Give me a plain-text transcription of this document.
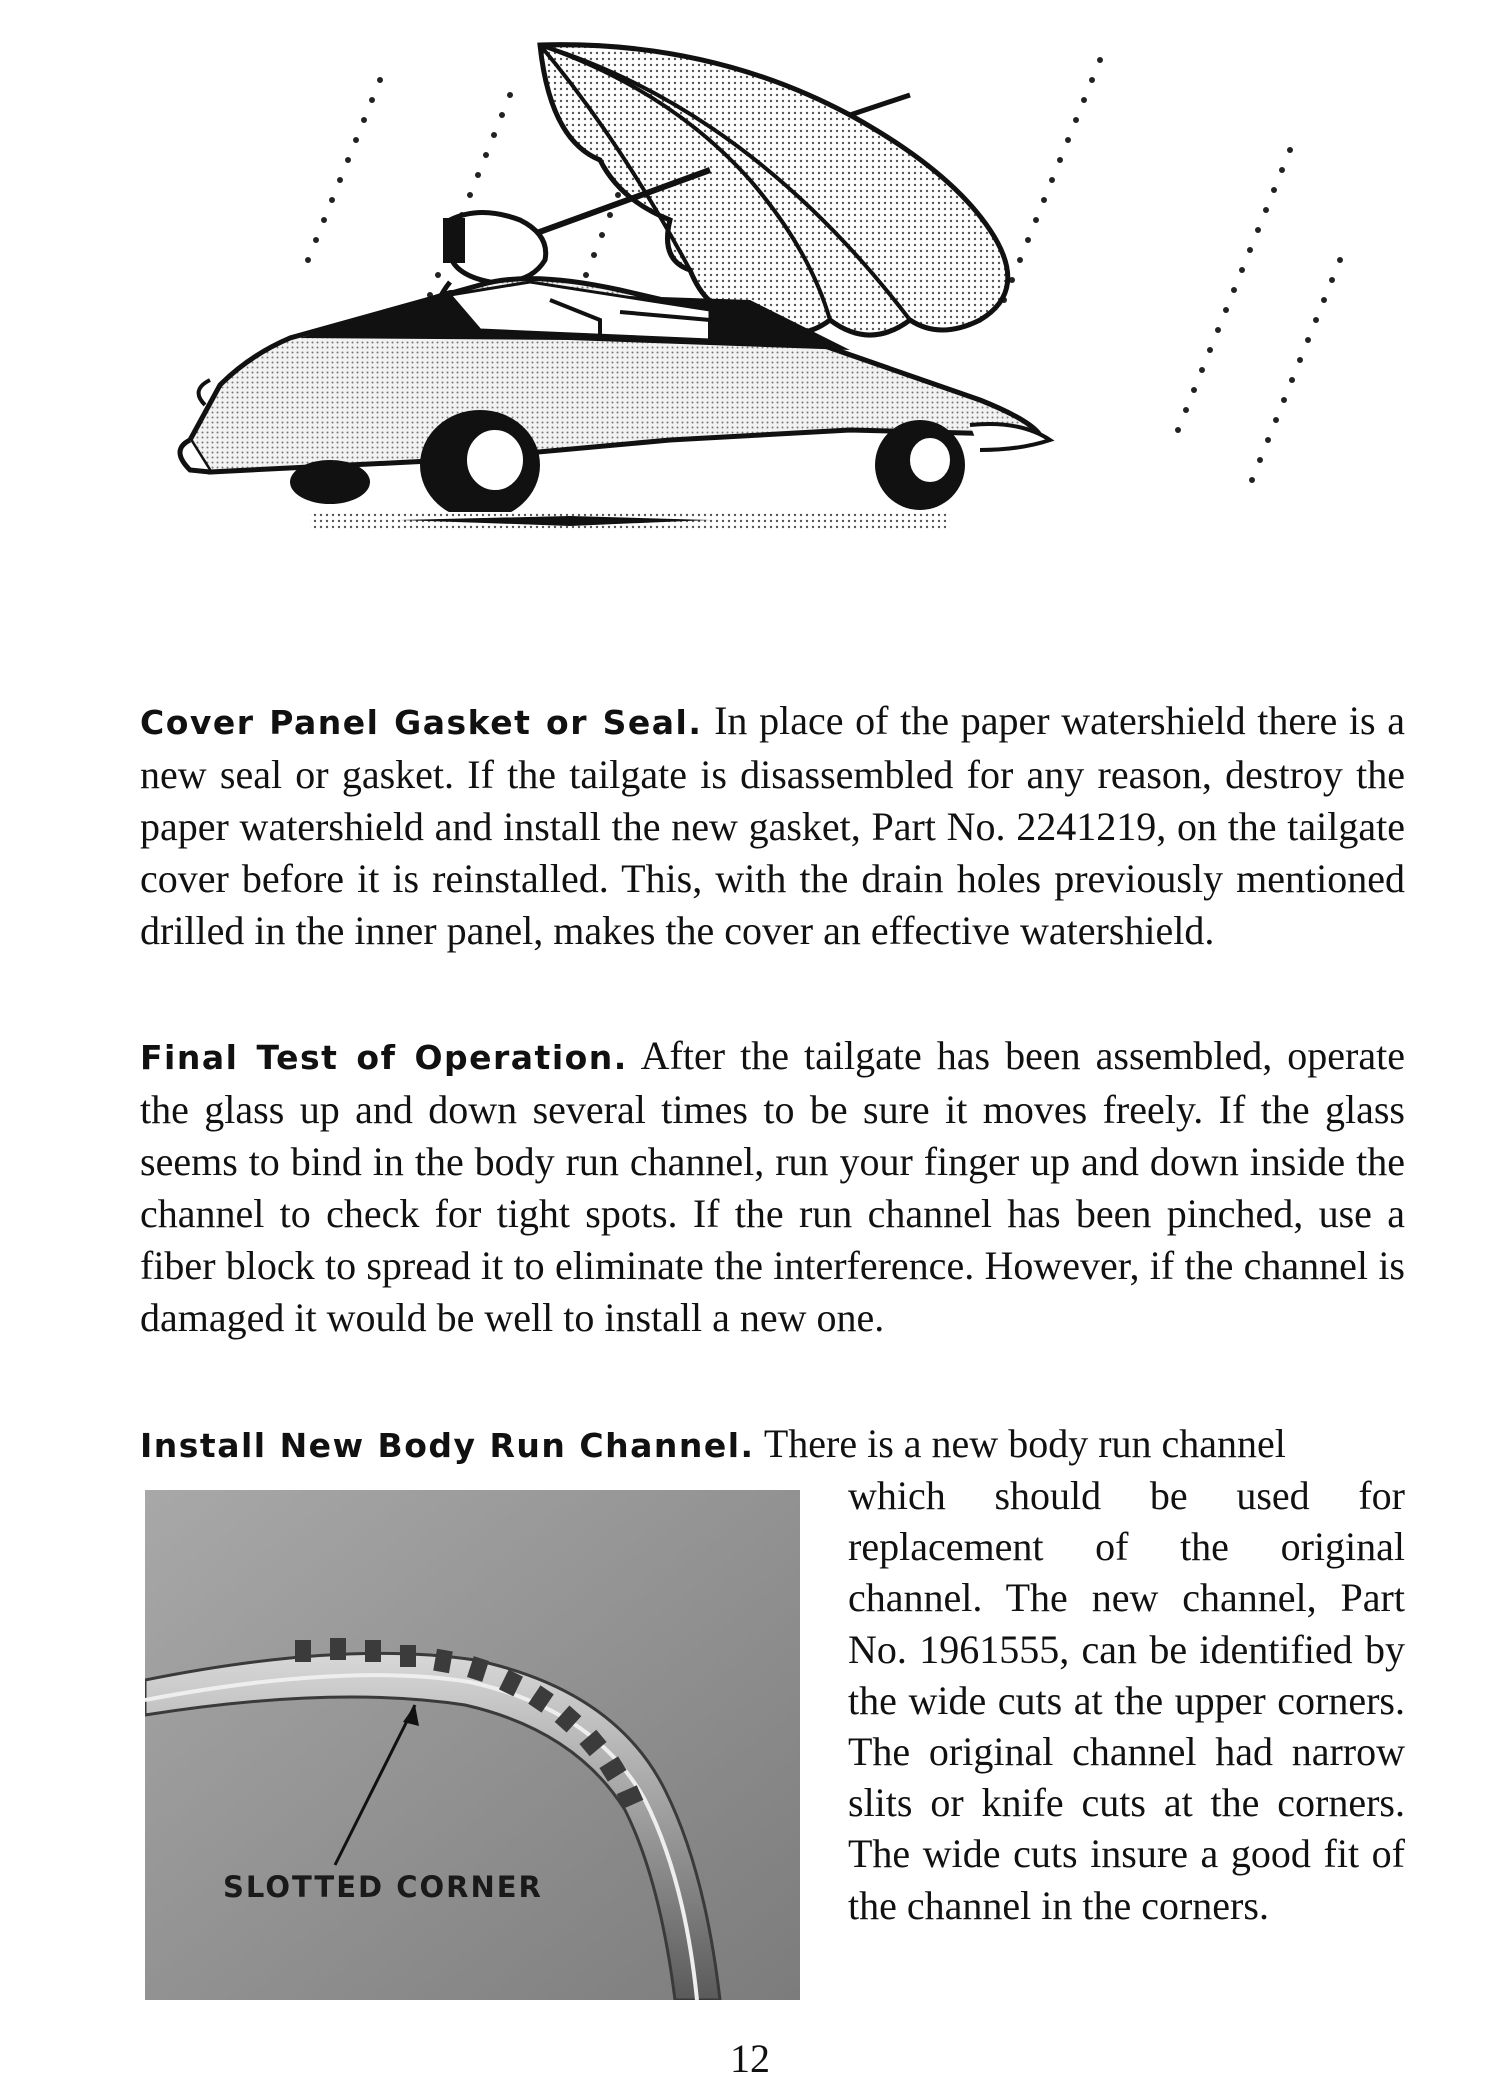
Cover Panel Gasket or Seal. In place of the paper watershield there is a new seal or gasket. If the tailgate is disassembled for any reason, destroy the paper watershield and install the new gasket, Part No. 2241219, on the tailgate cover before it is reinstalled. This, with the drain holes previously mentioned drilled in the inner panel, makes the cover an effective watershield.

Final Test of Operation. After the tailgate has been assembled, operate the glass up and down several times to be sure it moves freely. If the glass seems to bind in the body run channel, run your finger up and down inside the channel to check for tight spots. If the run channel has been pinched, use a fiber block to spread it to eliminate the interference. However, if the channel is damaged it would be well to install a new one.

Install New Body Run Channel. There is a new body run channel

SLOTTED CORNER

which should be used for replacement of the original channel. The new channel, Part No. 1961555, can be identified by the wide cuts at the upper corners. The original channel had narrow slits or knife cuts at the corners. The wide cuts insure a good fit of the channel in the corners.

12
